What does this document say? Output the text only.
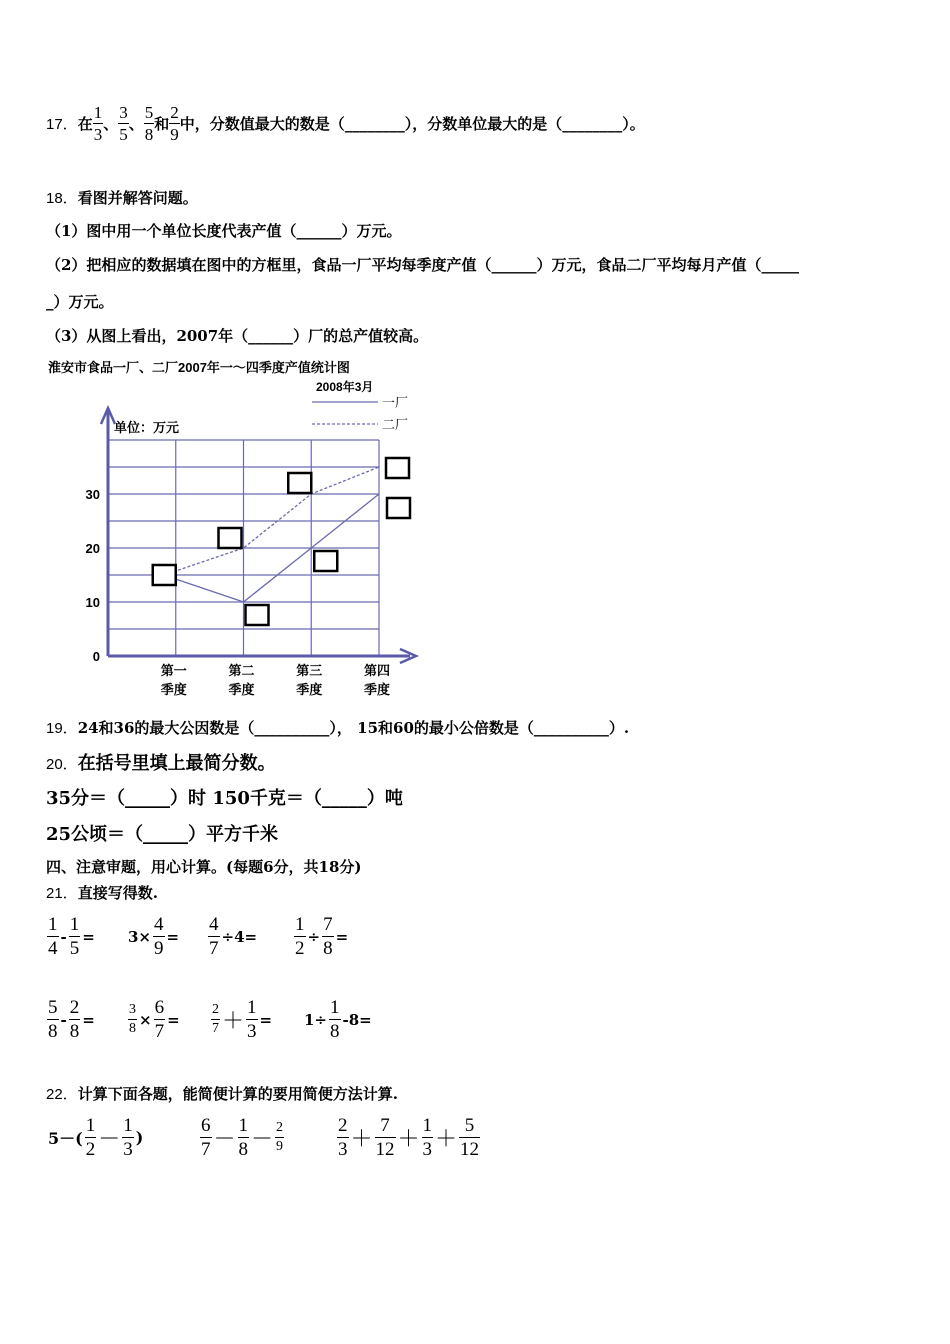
17． 在 $\frac{1}{3}$ 、 $\frac{3}{5}$ 、 $\frac{5}{8}$ 和 $\frac{2}{9}$ 中，分数值最大的数是（________），分数单位最大的是（________）。
18．看图并解答问题。
（1）图中用一个单位长度代表产值（______）万元。
（2）把相应的数据填在图中的方框里，食品一厂平均每季度产值（______）万元，食品二厂平均每月产值（_____
_）万元。
（3）从图上看出，2007年（______）厂的总产值较高。
淮安市食品一厂、二厂2007年一～四季度产值统计图
2008年3月
一厂
二厂
单位：万元
0
10
20
30
第一
季度
第二
季度
第三
季度
第四
季度
19．24和36的最大公因数是（__________）， 15和60的最小公倍数是（__________）.
20．在括号里填上最简分数。
35分＝（_____）时 150千克＝（_____）吨
25公顷＝（_____）平方千米
四、注意审题，用心计算。(每题6分，共18分)
21．直接写得数.
$\frac{1}{4} - \frac{1}{5} = 3\times \frac{4}{9} = \frac{4}{7} \div 4= \frac{1}{2} \div \frac{7}{8}$ =
$\frac{5}{8} - \frac{2}{8} = \frac{3}{8} \times \frac{6}{7} = \frac{2}{7} + \frac{1}{3} = 1\div \frac{1}{8} -8=$
22．计算下面各题，能简便计算的要用简便方法计算.
$5-( \frac{1}{2} - \frac{1}{3}$ )	$\frac{6}{7} - \frac{1}{8} - \frac{2}{9}$	$\frac{2}{3} + \frac{7}{12} + \frac{1}{3} + \frac{5}{12}$
